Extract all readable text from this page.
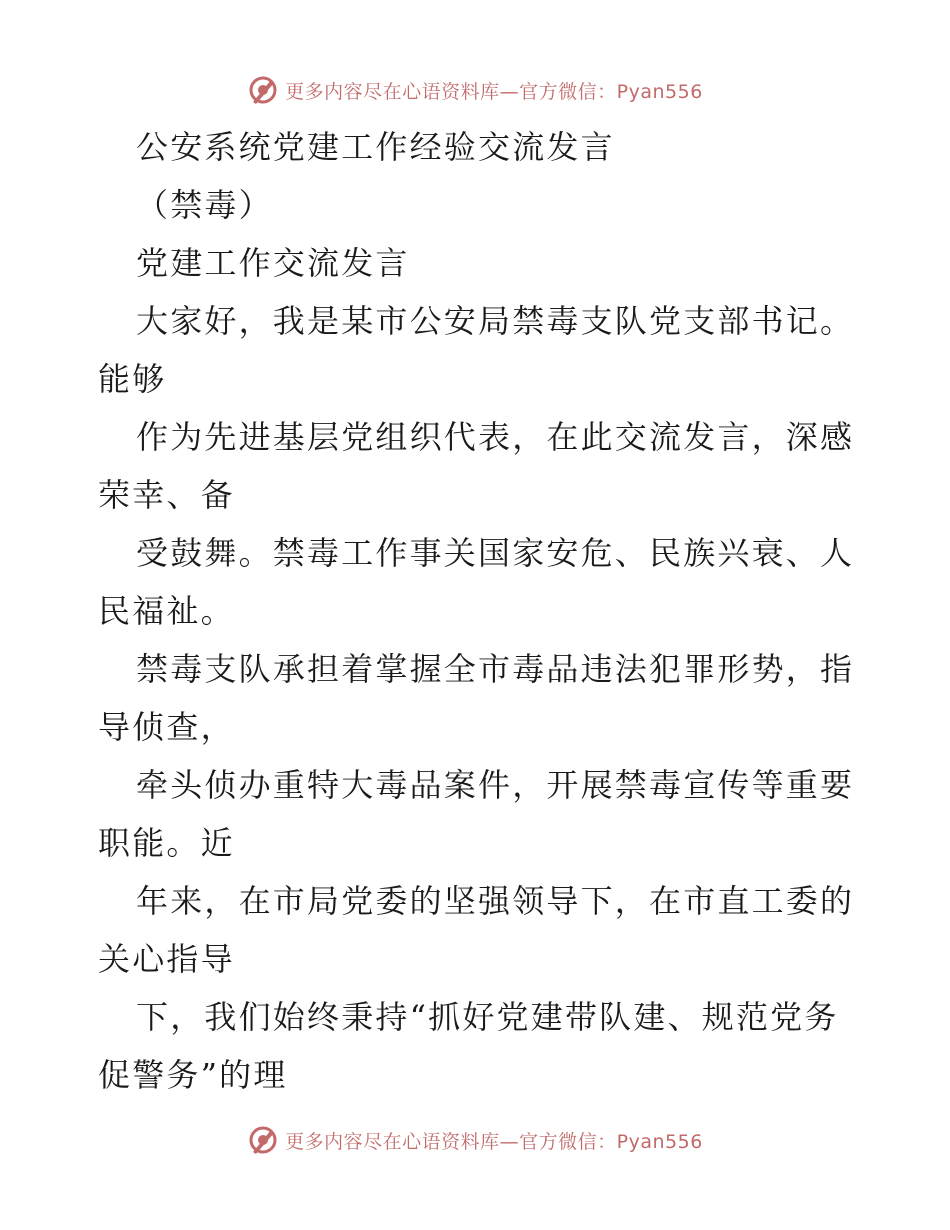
更多内容尽在心语资料库—官方微信：Pyan556

公安系统党建工作经验交流发言

（禁毒）

党建工作交流发言

大家好，我是某市公安局禁毒支队党支部书记。

能够

作为先进基层党组织代表，在此交流发言，深感

荣幸、备

受鼓舞。禁毒工作事关国家安危、民族兴衰、人

民福祉。

禁毒支队承担着掌握全市毒品违法犯罪形势，指

导侦查，

牵头侦办重特大毒品案件，开展禁毒宣传等重要

职能。近

年来，在市局党委的坚强领导下，在市直工委的

关心指导

下，我们始终秉持“抓好党建带队建、规范党务

促警务”的理

更多内容尽在心语资料库—官方微信：Pyan556
